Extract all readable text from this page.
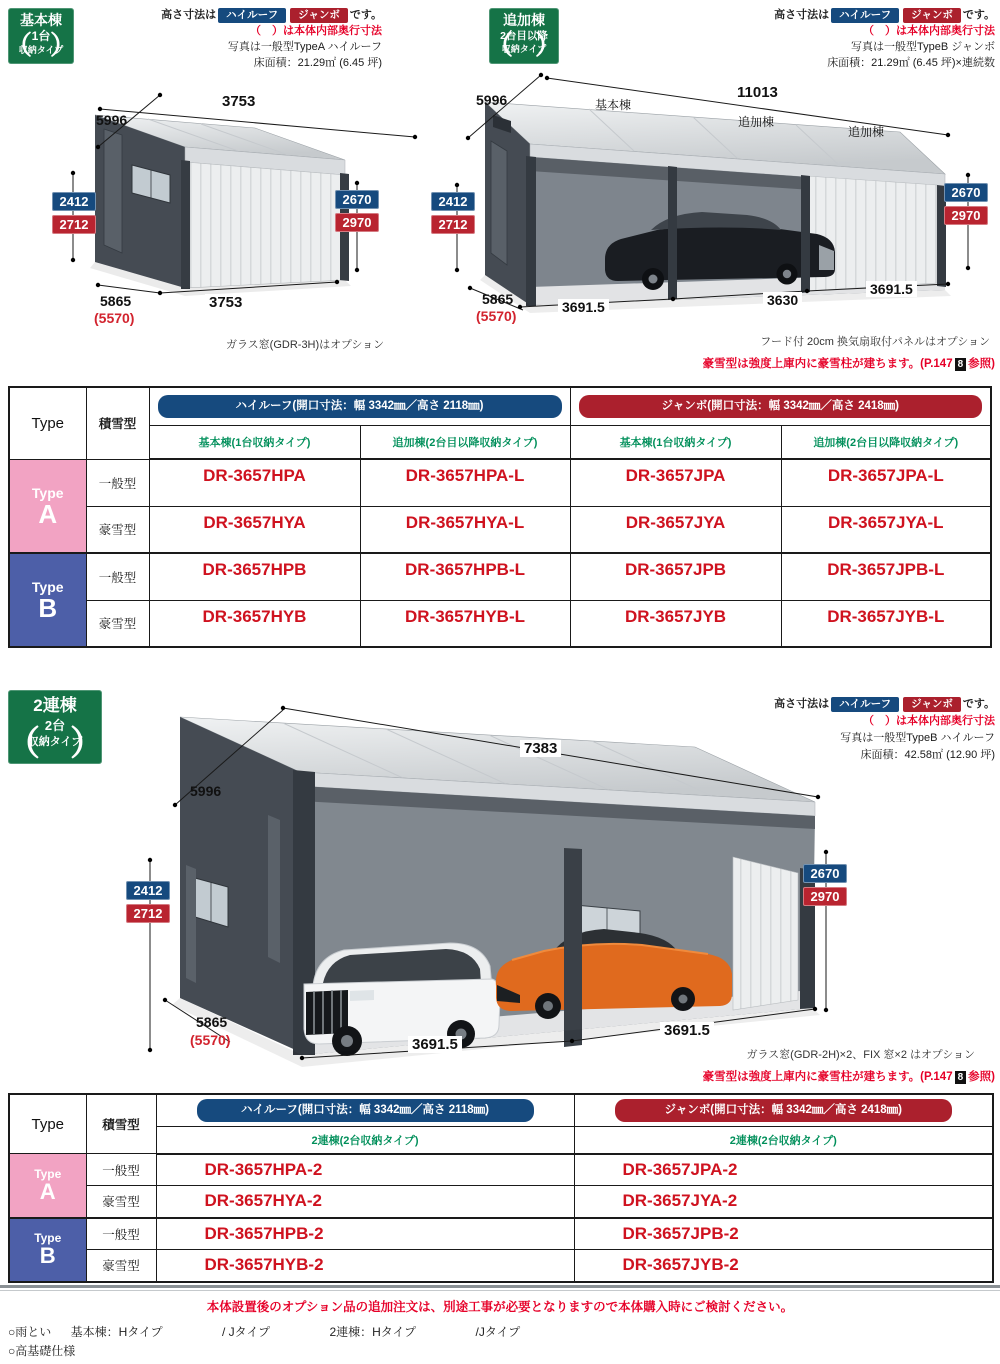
基本棟
1台
収納タイプ
（ ）
高さ寸法は ハイルーフ ジャンボ です。
（　）は本体内部奥行寸法
写真は一般型TypeA ハイルーフ
床面積：21.29㎡ (6.45 坪)
3753
5996
2412
2712
2670
2970
5865
(5570)
3753
ガラス窓(GDR-3H)はオプション
追加棟
2台目以降
収納タイプ
（ ）
高さ寸法は ハイルーフ ジャンボ です。
（　）は本体内部奥行寸法
写真は一般型TypeB ジャンボ
床面積：21.29㎡ (6.45 坪)×連続数
5996	11013
基本棟
追加棟
追加棟
2412
2712
2670
2970
5865
(5570)
3691.5	3630
3691.5
フード付 20cm 換気扇取付パネルはオプション
豪雪型は強度上庫内に豪雪柱が建ちます。(P.147 8 参照)
Type	積雪型	ハイルーフ(開口寸法：幅 3342㎜／高さ 2118㎜)		ジャンボ(開口寸法：幅 3342㎜／高さ 2418㎜)	

		基本棟(1台収納タイプ)	追加棟(2台目以降収納タイプ)	基本棟(1台収納タイプ)	追加棟(2台目以降収納タイプ)

Type
A	一般型	DR-3657HPA	DR-3657HPA-L	DR-3657JPA	DR-3657JPA-L
	豪雪型	DR-3657HYA	DR-3657HYA-L	DR-3657JYA	DR-3657JYA-L

Type
B	一般型	DR-3657HPB	DR-3657HPB-L	DR-3657JPB	DR-3657JPB-L
	豪雪型	DR-3657HYB	DR-3657HYB-L	DR-3657JYB	DR-3657JYB-L
2連棟
2台
収納タイプ
（ ）
高さ寸法は ハイルーフ ジャンボ です。
（　）は本体内部奥行寸法
写真は一般型TypeB ハイルーフ
床面積：42.58㎡ (12.90 坪)
5996
7383
2412
2712
2670
2970
5865
(5570)	3691.5
3691.5
ガラス窓(GDR-2H)×2、FIX 窓×2 はオプション
豪雪型は強度上庫内に豪雪柱が建ちます。(P.147 8 参照)
Type	積雪型	ハイルーフ(開口寸法：幅 3342㎜／高さ 2118㎜)	ジャンボ(開口寸法：幅 3342㎜／高さ 2418㎜)

		2連棟(2台収納タイプ)	2連棟(2台収納タイプ)

Type
A	一般型	DR-3657HPA-2	DR-3657JPA-2
	豪雪型	DR-3657HYA-2	DR-3657JYA-2

Type
B	一般型	DR-3657HPB-2	DR-3657JPB-2
	豪雪型	DR-3657HYB-2	DR-3657JYB-2
本体設置後のオプション品の追加注文は、別途工事が必要となりますので本体購入時にご検討ください。
○雨とい 基本棟：Hタイプ	/ Jタイプ	2連棟：Hタイプ	/Jタイプ
○高基礎仕様
